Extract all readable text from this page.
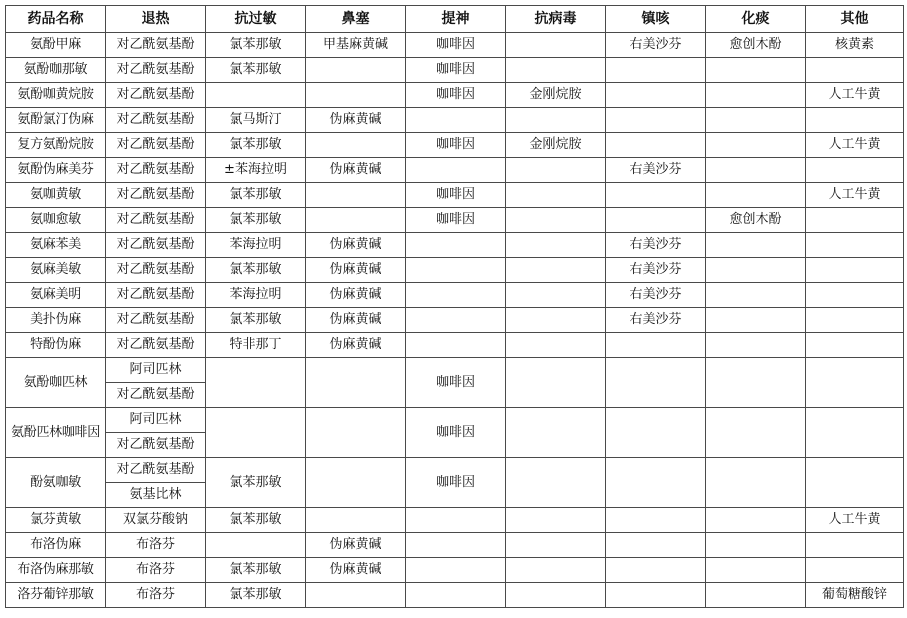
药品名称	退热	抗过敏	鼻塞	提神	抗病毒	镇咳	化痰	其他
氨酚甲麻	对乙酰氨基酚	氯苯那敏	甲基麻黄碱	咖啡因		右美沙芬	愈创木酚	核黄素
氨酚咖那敏	对乙酰氨基酚	氯苯那敏		咖啡因				
氨酚咖黄烷胺	对乙酰氨基酚			咖啡因	金刚烷胺			人工牛黄
氨酚氯汀伪麻	对乙酰氨基酚	氯马斯汀	伪麻黄碱					
复方氨酚烷胺	对乙酰氨基酚	氯苯那敏		咖啡因	金刚烷胺			人工牛黄
氨酚伪麻美芬	对乙酰氨基酚	±苯海拉明	伪麻黄碱			右美沙芬		
氨咖黄敏	对乙酰氨基酚	氯苯那敏		咖啡因				人工牛黄
氨咖愈敏	对乙酰氨基酚	氯苯那敏		咖啡因			愈创木酚	
氨麻苯美	对乙酰氨基酚	苯海拉明	伪麻黄碱			右美沙芬		
氨麻美敏	对乙酰氨基酚	氯苯那敏	伪麻黄碱			右美沙芬		
氨麻美明	对乙酰氨基酚	苯海拉明	伪麻黄碱			右美沙芬		
美扑伪麻	对乙酰氨基酚	氯苯那敏	伪麻黄碱			右美沙芬		
特酚伪麻	对乙酰氨基酚	特非那丁	伪麻黄碱					
氨酚咖匹林	阿司匹林			咖啡因				
	对乙酰氨基酚							
氨酚匹林咖啡因	阿司匹林			咖啡因				
	对乙酰氨基酚							
酚氨咖敏	对乙酰氨基酚	氯苯那敏		咖啡因				
	氨基比林							
氯芬黄敏	双氯芬酸钠	氯苯那敏						人工牛黄
布洛伪麻	布洛芬		伪麻黄碱					
布洛伪麻那敏	布洛芬	氯苯那敏	伪麻黄碱					
洛芬葡锌那敏	布洛芬	氯苯那敏						葡萄糖酸锌
